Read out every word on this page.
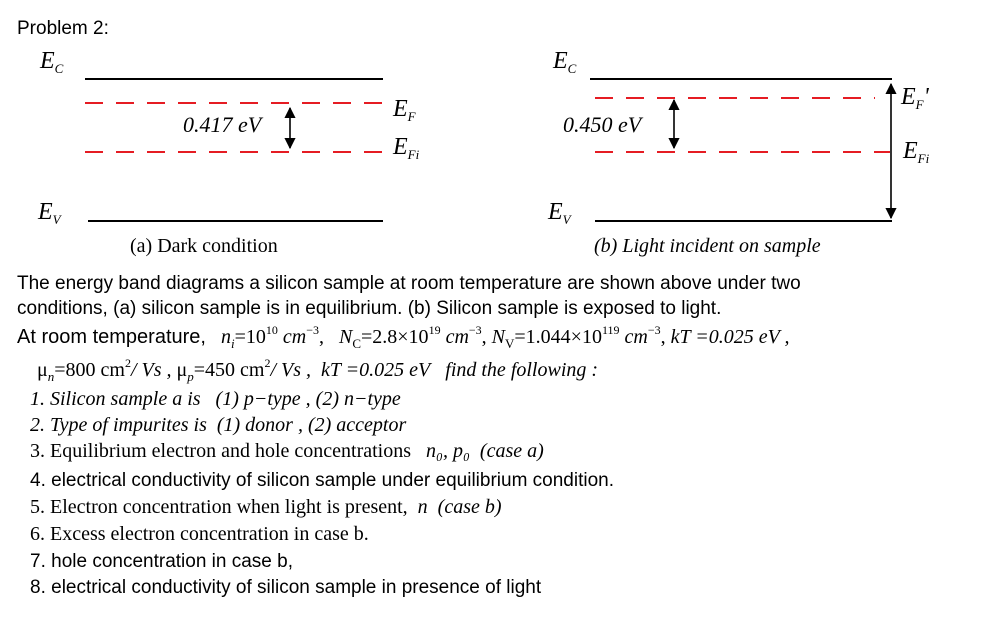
Problem 2:
$E_C$
$E_F$
$E_{Fi}$
$E_V$
0.417 eV
(a) Dark condition
$E_C$
$E_F'$
$E_{Fi}$
$E_V$
0.450 eV
(b) Light incident on sample
The energy band diagrams a silicon sample at room temperature are shown above under two
conditions, (a) silicon sample is in equilibrium. (b) Silicon sample is exposed to light.
At room temperature, $n_i=10^{10}$ $cm^{-3}$, $N_C=2.8\times 10^{19}$ $cm^{-3}$, $N_V=1.044\times 10^{119}$ $cm^{-3}$, kT =0.025 eV ,
$\mu_n=800$ $cm^2/$ Vs , $\mu_p=450$ $cm^2/$ Vs , kT =0.025 eV find the following :
1. Silicon sample a is (1) p−type , (2) n−type
2. Type of impurites is (1) donor , (2) acceptor
3. Equilibrium electron and hole concentrations n₀, p₀ (case a)
4. electrical conductivity of silicon sample under equilibrium condition.
5. Electron concentration when light is present, n (case b)
6. Excess electron concentration in case b.
7. hole concentration in case b,
8. electrical conductivity of silicon sample in presence of light
